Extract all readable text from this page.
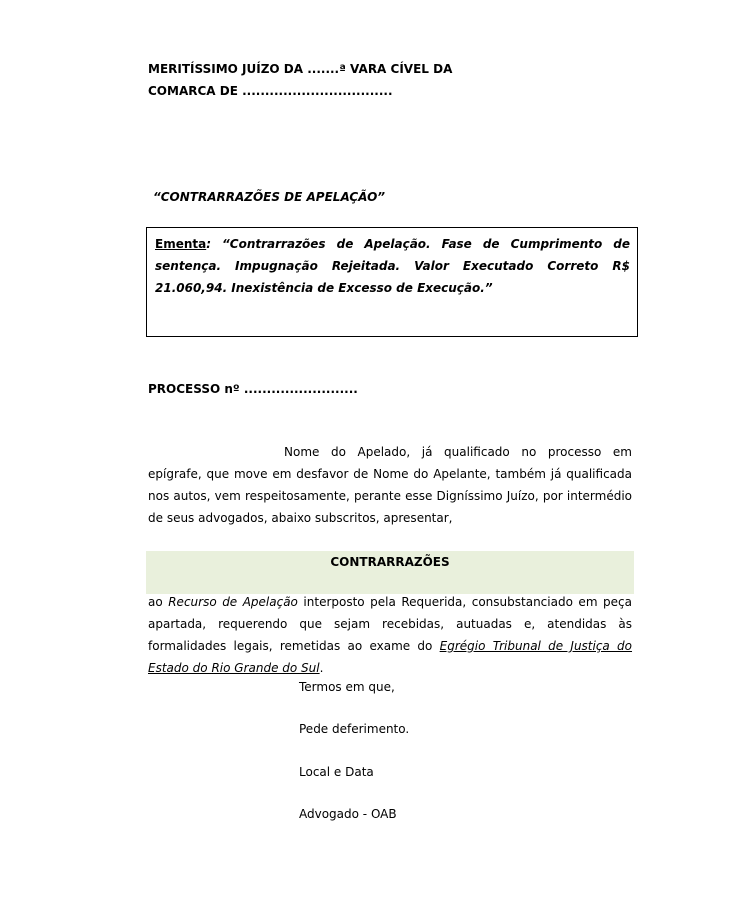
MERITÍSSIMO JUÍZO DA .......ª VARA CÍVEL DA
COMARCA DE .................................
“CONTRARRAZÕES DE APELAÇÃO”
Ementa: “Contrarrazões de Apelação. Fase de Cumprimento de sentença. Impugnação Rejeitada. Valor Executado Correto R$ 21.060,94. Inexistência de Excesso de Execução.”
PROCESSO nº .........................
Nome do Apelado, já qualificado no processo em epígrafe, que move em desfavor de Nome do Apelante, também já qualificada nos autos, vem respeitosamente, perante esse Digníssimo Juízo, por intermédio de seus advogados, abaixo subscritos, apresentar,
CONTRARRAZÕES
ao Recurso de Apelação interposto pela Requerida, consubstanciado em peça apartada, requerendo que sejam recebidas, autuadas e, atendidas às formalidades legais, remetidas ao exame do Egrégio Tribunal de Justiça do Estado do Rio Grande do Sul.
Termos em que,
Pede deferimento.
Local e Data
Advogado - OAB
